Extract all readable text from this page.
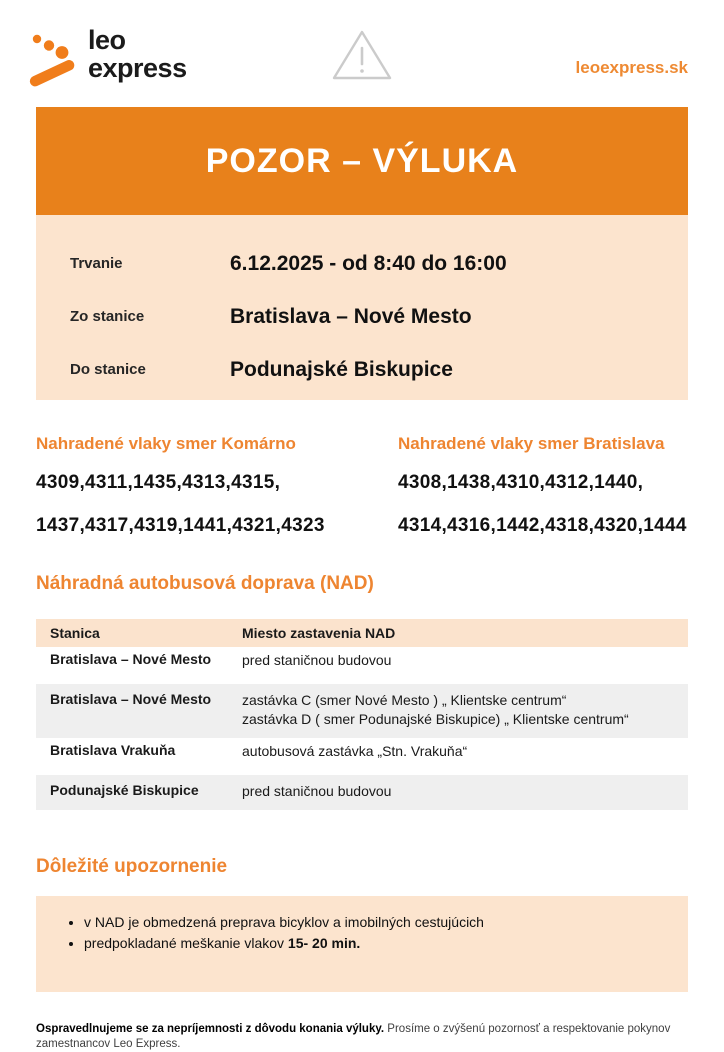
leo
express	leoexpress.sk
POZOR – VÝLUKA
Trvanie	6.12.2025 - od 8:40 do 16:00
Zo stanice	Bratislava – Nové Mesto
Do stanice	Podunajské Biskupice
Nahradené vlaky smer Komárno
4309,4311,1435,4313,4315,
1437,4317,4319,1441,4321,4323
Nahradené vlaky smer Bratislava
4308,1438,4310,4312,1440,
4314,4316,1442,4318,4320,1444
Náhradná autobusová doprava (NAD)
Stanica	Miesto zastavenia NAD
Bratislava – Nové Mesto	pred staničnou budovou
Bratislava – Nové Mesto	zastávka C (smer Nové Mesto ) „ Klientske centrum“
zastávka D ( smer Podunajské Biskupice) „ Klientske centrum“
Bratislava Vrakuňa	autobusová zastávka „Stn. Vrakuňa“
Podunajské Biskupice	pred staničnou budovou
Dôležité upozornenie
• v NAD je obmedzená preprava bicyklov a imobilných cestujúcich
• predpokladané meškanie vlakov 15- 20 min.
Ospravedlnujeme se za nepríjemnosti z dôvodu konania výluky. Prosíme o zvýšenú pozornosť a respektovanie pokynov zamestnancov Leo Express.
